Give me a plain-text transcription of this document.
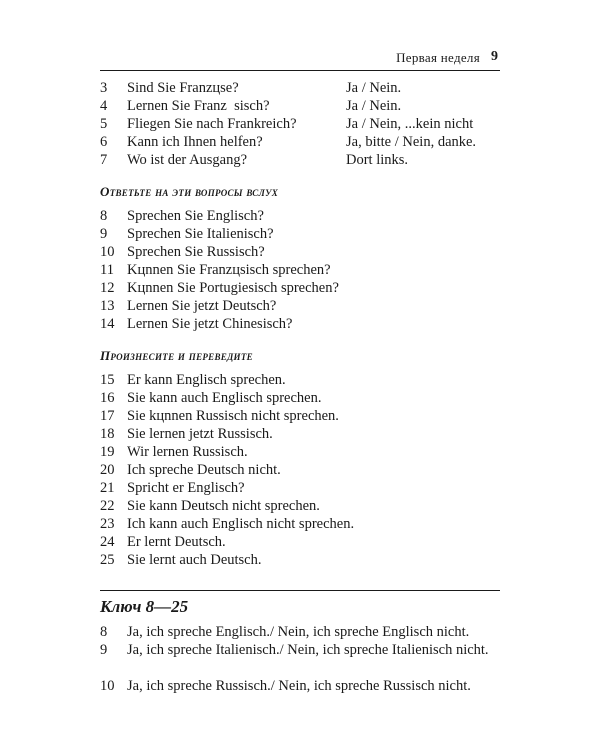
Первая неделя 9
3 Sind Sie Franzцse?	Ja / Nein.
4 Lernen Sie Franz  sisch?	Ja / Nein.
5 Fliegen Sie nach Frankreich?	Ja / Nein, ...kein nicht
6 Kann ich Ihnen helfen?	Ja, bitte / Nein, danke.
7 Wo ist der Ausgang?	Dort links.
Ответьте на эти вопросы вслух
8 Sprechen Sie Englisch?
9 Sprechen Sie Italienisch?
10 Sprechen Sie Russisch?
11 Kцnnen Sie Franzцsisch sprechen?
12 Kцnnen Sie Portugiesisch sprechen?
13 Lernen Sie jetzt Deutsch?
14 Lernen Sie jetzt Chinesisch?
Произнесите и переведите
15 Er kann Englisch sprechen.
16 Sie kann auch Englisch sprechen.
17 Sie kцnnen Russisch nicht sprechen.
18 Sie lernen jetzt Russisch.
19 Wir lernen Russisch.
20 Ich spreche Deutsch nicht.
21 Spricht er Englisch?
22 Sie kann Deutsch nicht sprechen.
23 Ich kann auch Englisch nicht sprechen.
24 Er lernt Deutsch.
25 Sie lernt auch Deutsch.
Ключ 8—25
8 Ja, ich spreche Englisch./ Nein, ich spreche Englisch nicht.
9 Ja, ich spreche Italienisch./ Nein, ich spreche Italienisch nicht.
10 Ja, ich spreche Russisch./ Nein, ich spreche Russisch nicht.
